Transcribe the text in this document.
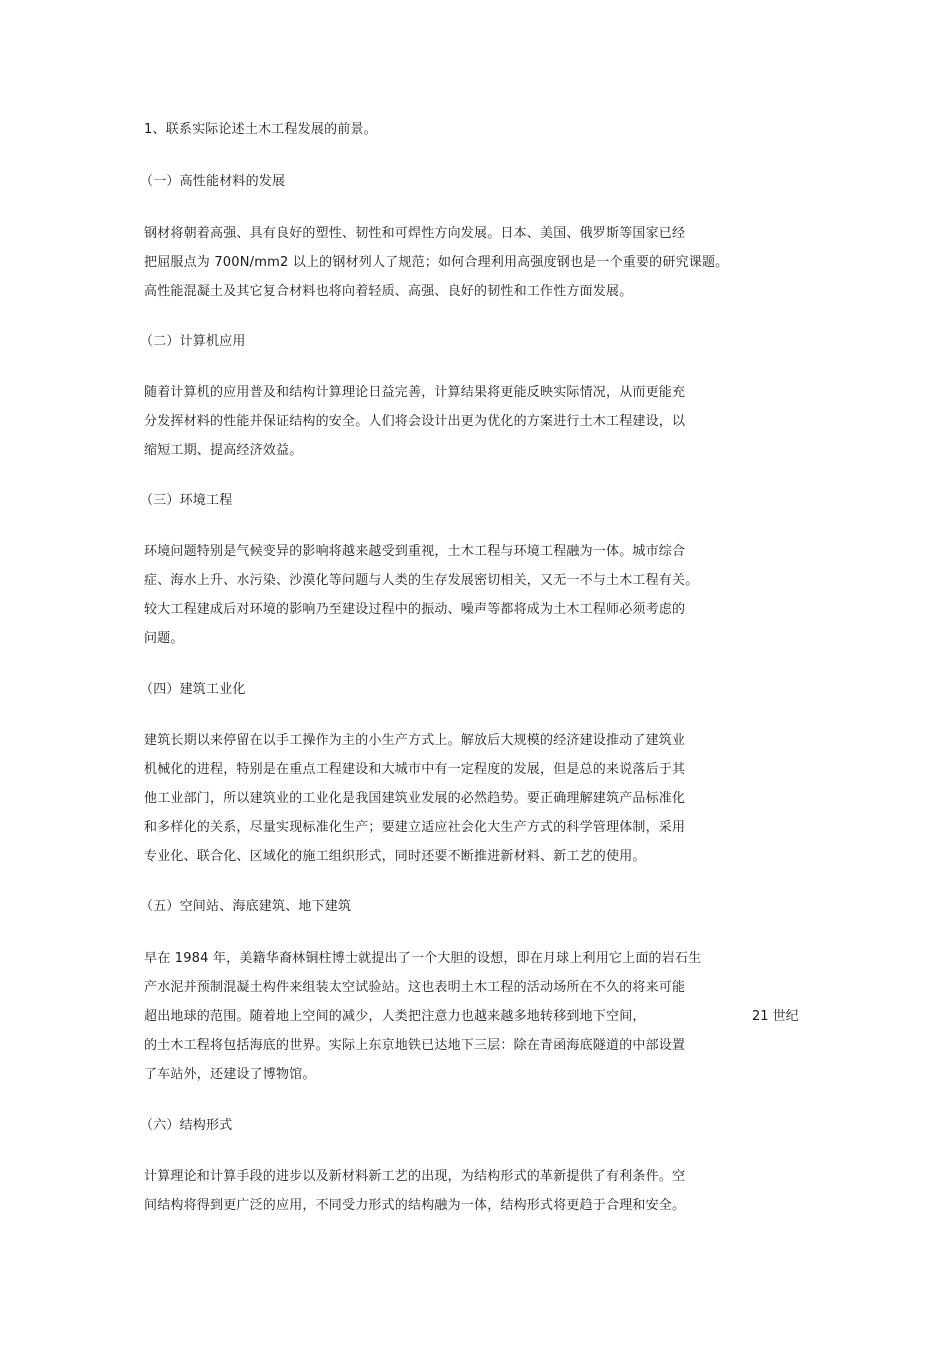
1、联系实际论述土木工程发展的前景。
（一）高性能材料的发展
钢材将朝着高强、具有良好的塑性、韧性和可焊性方向发展。日本、美国、俄罗斯等国家已经
把屈服点为 700N/mm2 以上的钢材列人了规范；如何合理利用高强度钢也是一个重要的研究课题。
高性能混凝土及其它复合材料也将向着轻质、高强、良好的韧性和工作性方面发展。
（二）计算机应用
随着计算机的应用普及和结构计算理论日益完善，计算结果将更能反映实际情况，从而更能充
分发挥材料的性能并保证结构的安全。人们将会设计出更为优化的方案进行土木工程建设，以
缩短工期、提高经济效益。
（三）环境工程
环境问题特别是气候变异的影响将越来越受到重视，土木工程与环境工程融为一体。城市综合
症、海水上升、水污染、沙漠化等问题与人类的生存发展密切相关，又无一不与土木工程有关。
较大工程建成后对环境的影响乃至建设过程中的振动、噪声等都将成为土木工程师必须考虑的
问题。
（四）建筑工业化
建筑长期以来停留在以手工操作为主的小生产方式上。解放后大规模的经济建设推动了建筑业
机械化的进程，特别是在重点工程建设和大城市中有一定程度的发展，但是总的来说落后于其
他工业部门，所以建筑业的工业化是我国建筑业发展的必然趋势。要正确理解建筑产品标准化
和多样化的关系，尽量实现标准化生产；要建立适应社会化大生产方式的科学管理体制，采用
专业化、联合化、区域化的施工组织形式，同时还要不断推进新材料、新工艺的使用。
（五）空间站、海底建筑、地下建筑
早在 1984 年，美籍华裔林铜柱博士就提出了一个大胆的设想，即在月球上利用它上面的岩石生
产水泥并预制混凝土构件来组装太空试验站。这也表明土木工程的活动场所在不久的将来可能
超出地球的范围。随着地上空间的减少，人类把注意力也越来越多地转移到地下空间，	21 世纪
的土木工程将包括海底的世界。实际上东京地铁已达地下三层：除在青函海底隧道的中部设置
了车站外，还建设了博物馆。
（六）结构形式
计算理论和计算手段的进步以及新材料新工艺的出现，为结构形式的革新提供了有利条件。空
间结构将得到更广泛的应用，不同受力形式的结构融为一体，结构形式将更趋于合理和安全。
